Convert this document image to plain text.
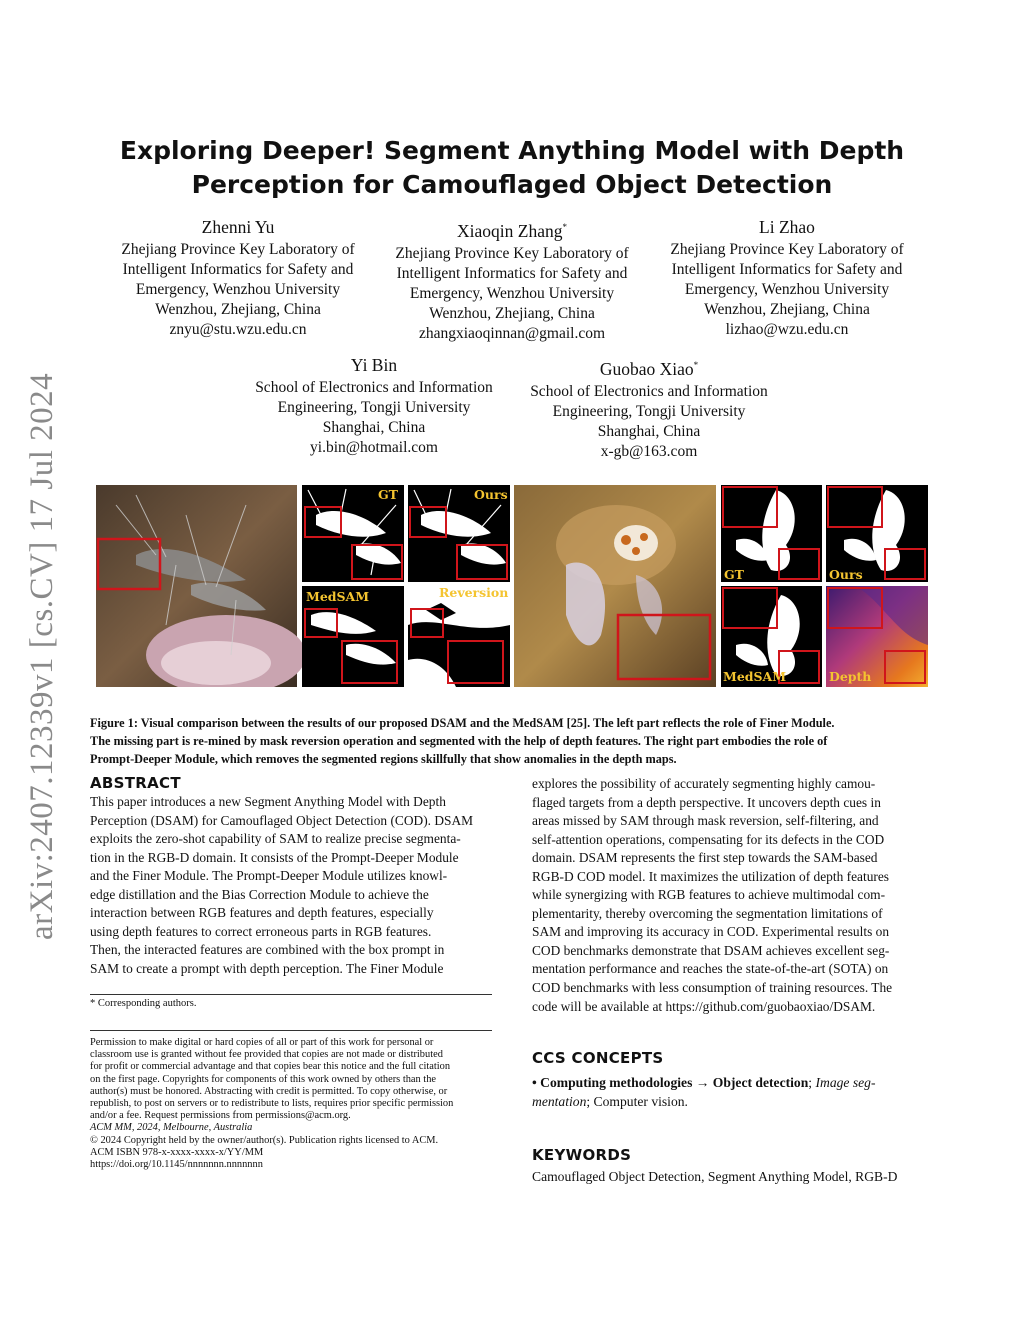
arXiv:2407.12339v1 [cs.CV] 17 Jul 2024
Exploring Deeper! Segment Anything Model with Depth
Perception for Camouflaged Object Detection
Zhenni Yu
Zhejiang Province Key Laboratory of
Intelligent Informatics for Safety and
Emergency, Wenzhou University
Wenzhou, Zhejiang, China
znyu@stu.wzu.edu.cn
Xiaoqin Zhang*
Zhejiang Province Key Laboratory of
Intelligent Informatics for Safety and
Emergency, Wenzhou University
Wenzhou, Zhejiang, China
zhangxiaoqinnan@gmail.com
Li Zhao
Zhejiang Province Key Laboratory of
Intelligent Informatics for Safety and
Emergency, Wenzhou University
Wenzhou, Zhejiang, China
lizhao@wzu.edu.cn
Yi Bin
School of Electronics and Information
Engineering, Tongji University
Shanghai, China
yi.bin@hotmail.com
Guobao Xiao*
School of Electronics and Information
Engineering, Tongji University
Shanghai, China
x-gb@163.com
GT	Ours
MedSAM	Reversion
GT	Ours
MedSAM	Depth
Figure 1: Visual comparison between the results of our proposed DSAM and the MedSAM [25]. The left part reflects the role of Finer Module.
The missing part is re-mined by mask reversion operation and segmented with the help of depth features. The right part embodies the role of
Prompt-Deeper Module, which removes the segmented regions skillfully that show anomalies in the depth maps.
ABSTRACT
This paper introduces a new Segment Anything Model with Depth
Perception (DSAM) for Camouflaged Object Detection (COD). DSAM
exploits the zero-shot capability of SAM to realize precise segmenta-
tion in the RGB-D domain. It consists of the Prompt-Deeper Module
and the Finer Module. The Prompt-Deeper Module utilizes knowl-
edge distillation and the Bias Correction Module to achieve the
interaction between RGB features and depth features, especially
using depth features to correct erroneous parts in RGB features.
Then, the interacted features are combined with the box prompt in
SAM to create a prompt with depth perception. The Finer Module
explores the possibility of accurately segmenting highly camou-
flaged targets from a depth perspective. It uncovers depth cues in
areas missed by SAM through mask reversion, self-filtering, and
self-attention operations, compensating for its defects in the COD
domain. DSAM represents the first step towards the SAM-based
RGB-D COD model. It maximizes the utilization of depth features
while synergizing with RGB features to achieve multimodal com-
plementarity, thereby overcoming the segmentation limitations of
SAM and improving its accuracy in COD. Experimental results on
COD benchmarks demonstrate that DSAM achieves excellent seg-
mentation performance and reaches the state-of-the-art (SOTA) on
COD benchmarks with less consumption of training resources. The
code will be available at https://github.com/guobaoxiao/DSAM.
* Corresponding authors.
Permission to make digital or hard copies of all or part of this work for personal or
classroom use is granted without fee provided that copies are not made or distributed
for profit or commercial advantage and that copies bear this notice and the full citation
on the first page. Copyrights for components of this work owned by others than the
author(s) must be honored. Abstracting with credit is permitted. To copy otherwise, or
republish, to post on servers or to redistribute to lists, requires prior specific permission
and/or a fee. Request permissions from permissions@acm.org.
ACM MM, 2024, Melbourne, Australia
© 2024 Copyright held by the owner/author(s). Publication rights licensed to ACM.
ACM ISBN 978-x-xxxx-xxxx-x/YY/MM
https://doi.org/10.1145/nnnnnnn.nnnnnnn
CCS CONCEPTS
• Computing methodologies → Object detection; Image seg-
mentation; Computer vision.
KEYWORDS
Camouflaged Object Detection, Segment Anything Model, RGB-D
